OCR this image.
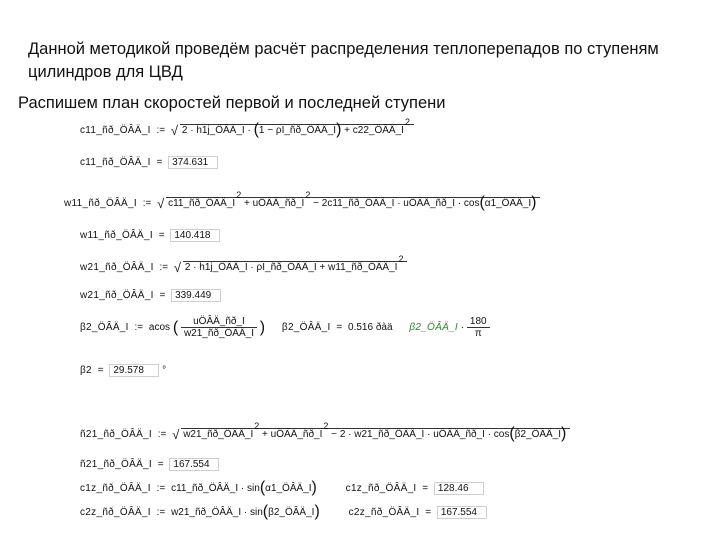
Данной методикой проведём расчёт распределения теплоперепадов по ступеням цилиндров для ЦВД
Распишем план скоростей первой и последней ступени
c11_ñð_ÖÂÄ_I := √ 2 · h1j_ÖÂÄ_I · (1 − ρI_ñð_ÖÂÄ_I) + c22_ÖÂÄ_I2
c11_ñð_ÖÂÄ_I = 374.631
w11_ñð_ÖÂÄ_I := √ c11_ñð_ÖÂÄ_I2 + uÖÂÄ_ñð_I2 − 2c11_ñð_ÖÂÄ_I · uÖÂÄ_ñð_I · cos(α1_ÖÂÄ_I)
w11_ñð_ÖÂÄ_I = 140.418
w21_ñð_ÖÂÄ_I := √ 2 · h1j_ÖÂÄ_I · ρI_ñð_ÖÂÄ_I + w11_ñð_ÖÂÄ_I2
w21_ñð_ÖÂÄ_I = 339.449
β2_ÖÂÄ_I := acos ( $\frac{\text{uÖÂÄ\_ñð\_I}}{\text{w21\_ñð\_ÖÂÄ\_I}}$ ) β2_ÖÂÄ_I = 0.516 ðàä β2_ÖÂÄ_I · $\frac{180}{\pi}$
β2 = 29.578 °
ñ21_ñð_ÖÂÄ_I := √ w21_ñð_ÖÂÄ_I2 + uÖÂÄ_ñð_I2 − 2 · w21_ñð_ÖÂÄ_I · uÖÂÄ_ñð_I · cos(β2_ÖÂÄ_I)
ñ21_ñð_ÖÂÄ_I = 167.554
c1z_ñð_ÖÂÄ_I := c11_ñð_ÖÂÄ_I · sin(α1_ÖÂÄ_I)	c1z_ñð_ÖÂÄ_I = 128.46
c2z_ñð_ÖÂÄ_I := w21_ñð_ÖÂÄ_I · sin(β2_ÖÂÄ_I)	c2z_ñð_ÖÂÄ_I = 167.554
